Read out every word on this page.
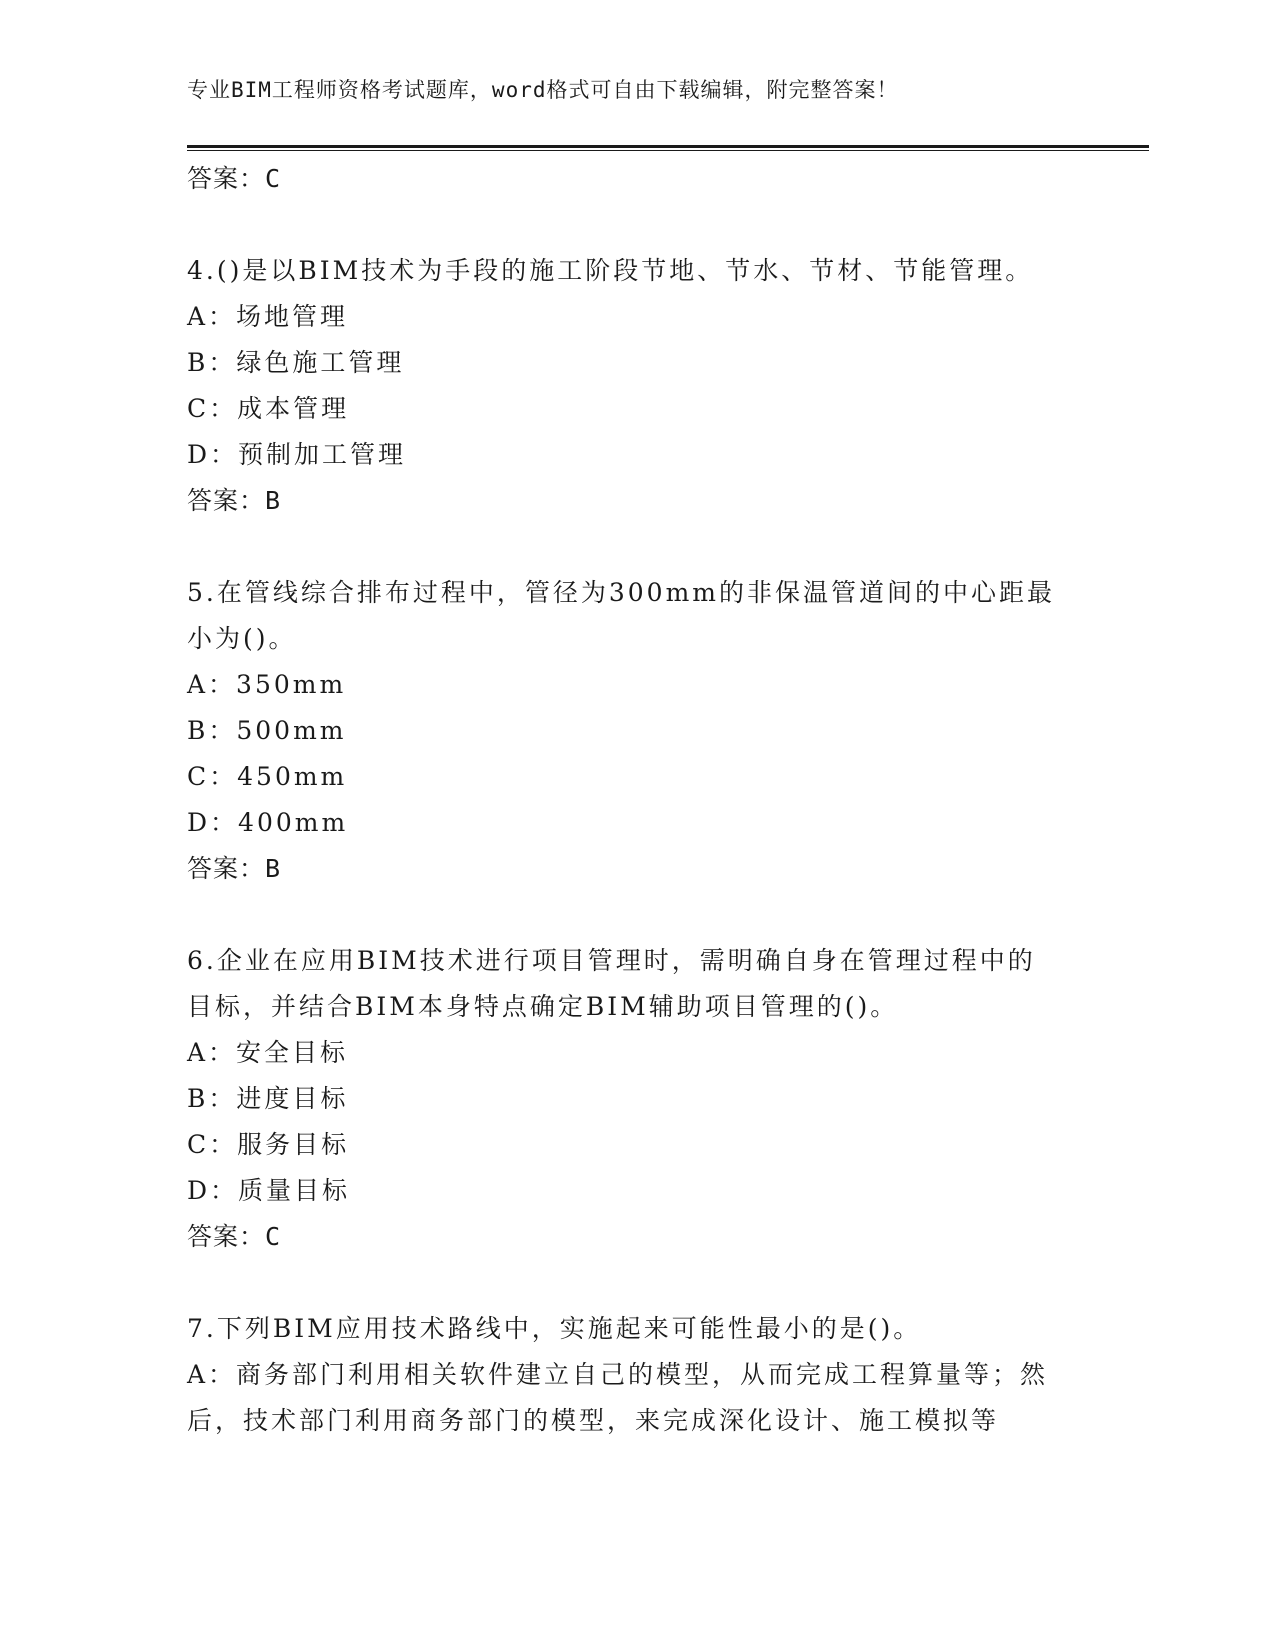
专业BIM工程师资格考试题库，word格式可自由下载编辑，附完整答案！
答案：C
4.()是以BIM技术为手段的施工阶段节地、节水、节材、节能管理。
A：场地管理
B：绿色施工管理
C：成本管理
D：预制加工管理
答案：B
5.在管线综合排布过程中，管径为300mm的非保温管道间的中心距最
小为()。
A：350mm
B：500mm
C：450mm
D：400mm
答案：B
6.企业在应用BIM技术进行项目管理时，需明确自身在管理过程中的
目标，并结合BIM本身特点确定BIM辅助项目管理的()。
A：安全目标
B：进度目标
C：服务目标
D：质量目标
答案：C
7.下列BIM应用技术路线中，实施起来可能性最小的是()。
A：商务部门利用相关软件建立自己的模型，从而完成工程算量等；然
后，技术部门利用商务部门的模型，来完成深化设计、施工模拟等
